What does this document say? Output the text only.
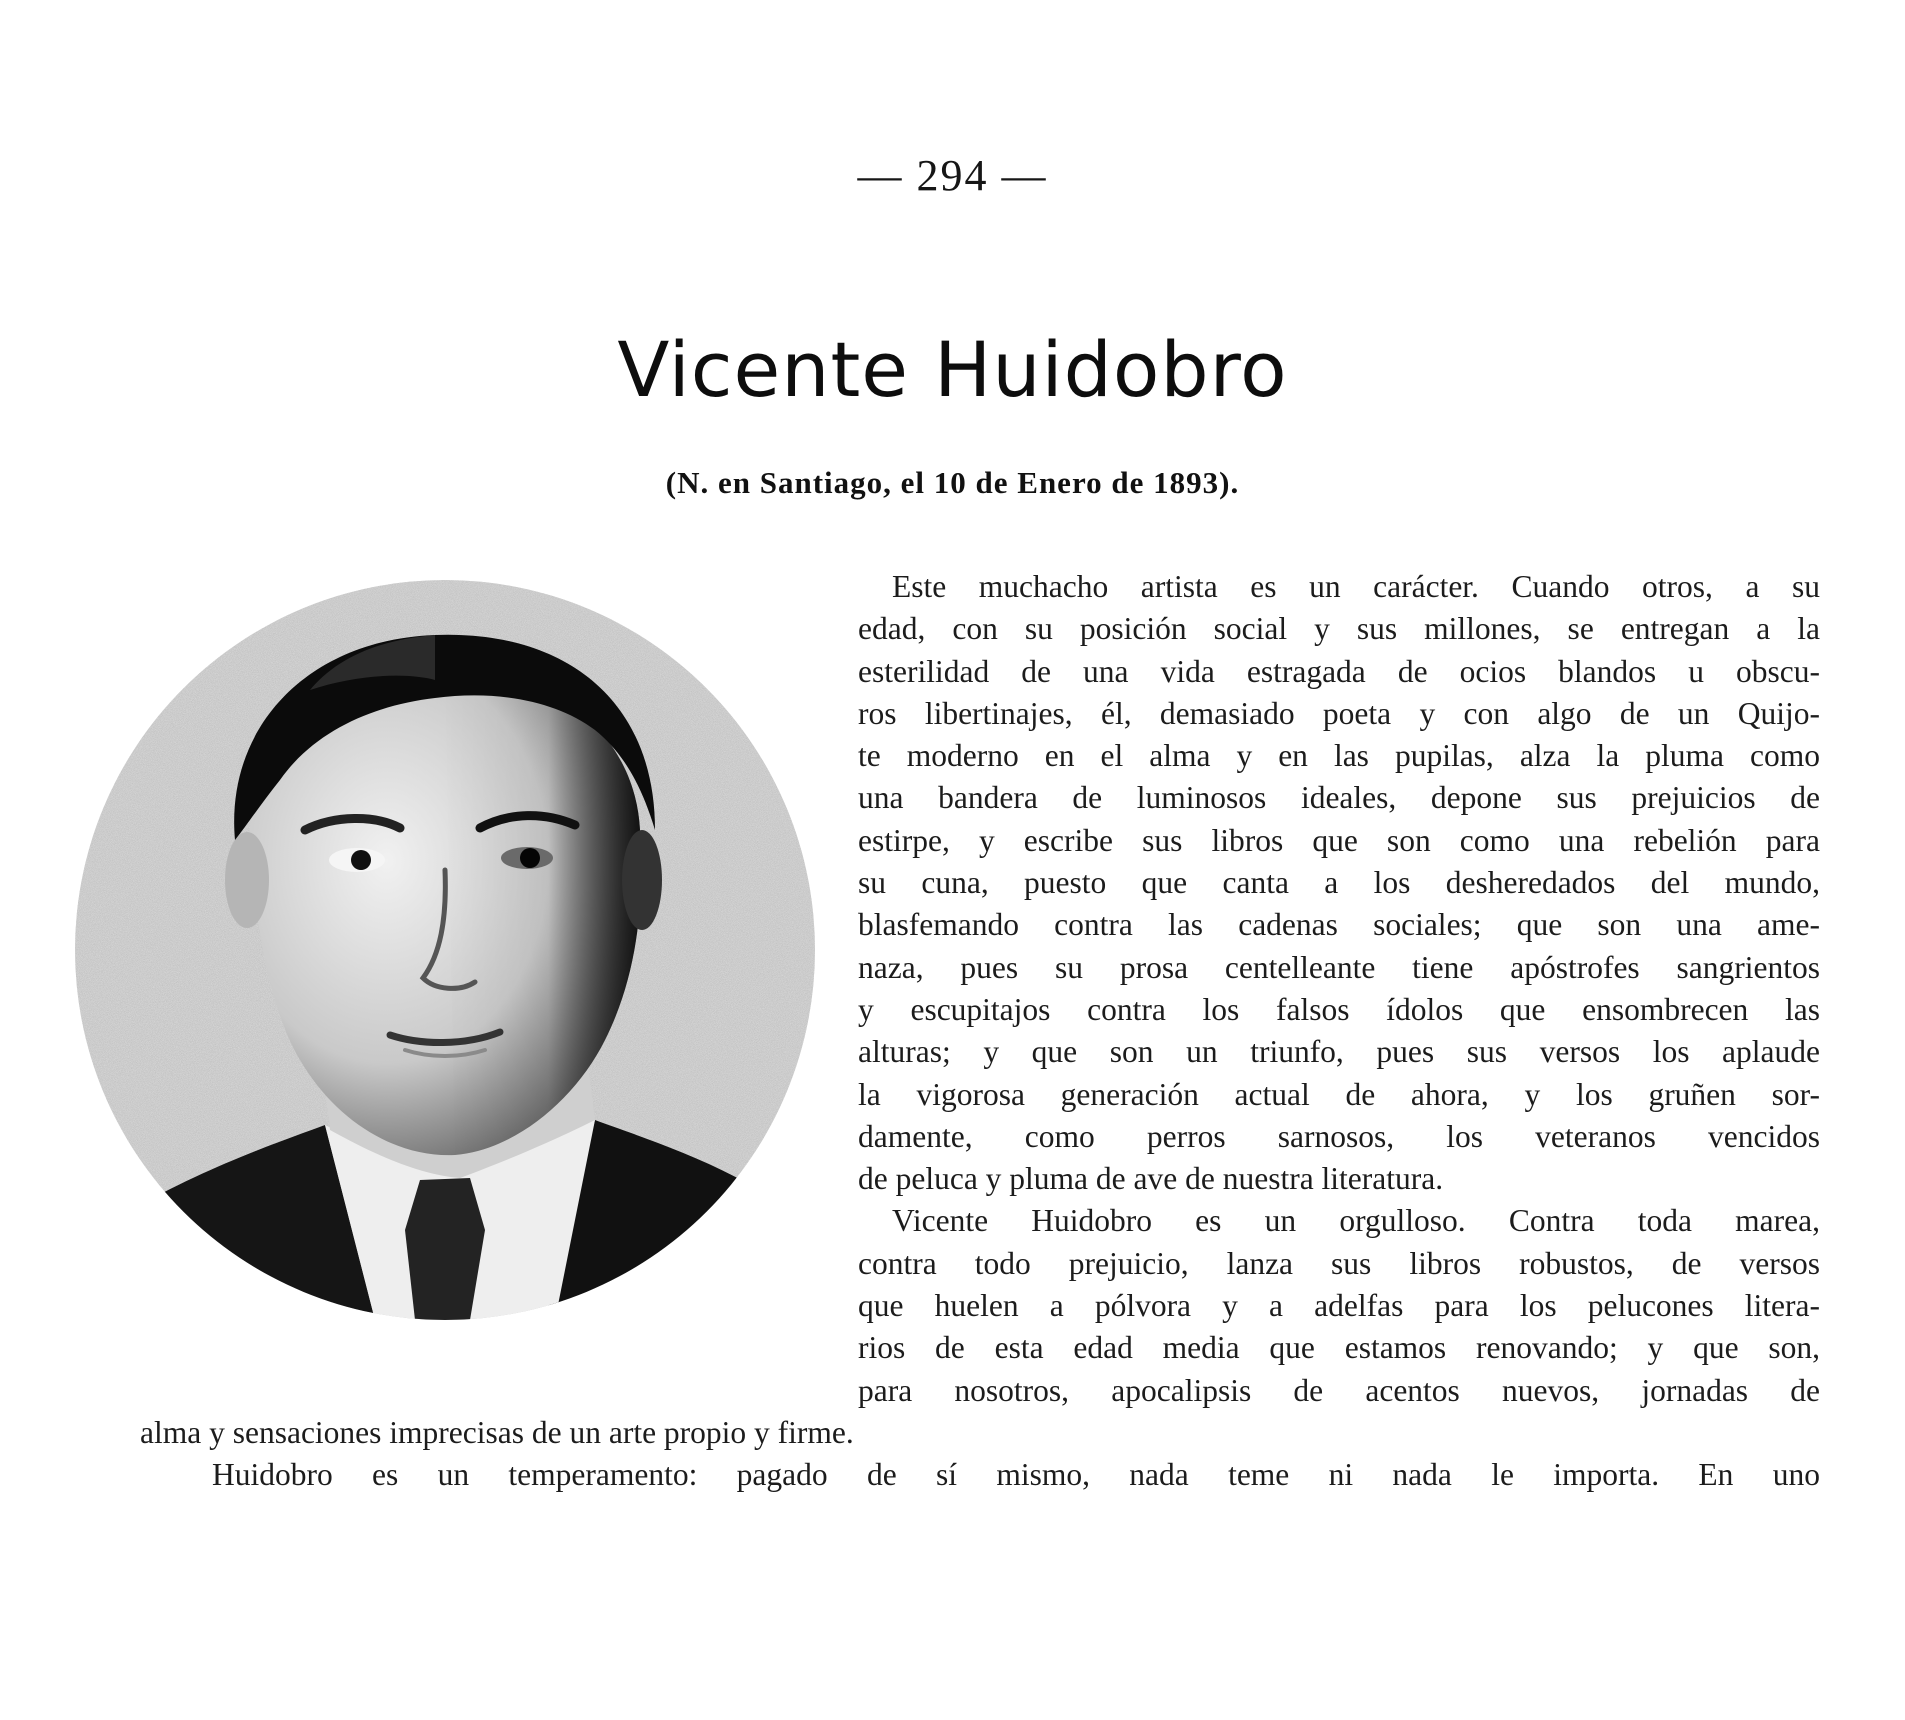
— 294 —
Vicente Huidobro
(N. en Santiago, el 10 de Enero de 1893).
Este muchacho artista es un carácter. Cuando otros, a su
edad, con su posición social y sus millones, se entregan a la
esterilidad de una vida estragada de ocios blandos u obscu-
ros libertinajes, él, demasiado poeta y con algo de un Quijo-
te moderno en el alma y en las pupilas, alza la pluma como
una bandera de luminosos ideales, depone sus prejuicios de
estirpe, y escribe sus libros que son como una rebelión para
su cuna, puesto que canta a los desheredados del mundo,
blasfemando contra las cadenas sociales; que son una ame-
naza, pues su prosa centelleante tiene apóstrofes sangrientos
y escupitajos contra los falsos ídolos que ensombrecen las
alturas; y que son un triunfo, pues sus versos los aplaude
la vigorosa generación actual de ahora, y los gruñen sor-
damente, como perros sarnosos, los veteranos vencidos
de peluca y pluma de ave de nuestra literatura.
Vicente Huidobro es un orgulloso. Contra toda marea,
contra todo prejuicio, lanza sus libros robustos, de versos
que huelen a pólvora y a adelfas para los pelucones litera-
rios de esta edad media que estamos renovando; y que son,
para nosotros, apocalipsis de acentos nuevos, jornadas de
alma y sensaciones imprecisas de un arte propio y firme.
Huidobro es un temperamento: pagado de sí mismo, nada teme ni nada le importa. En uno
